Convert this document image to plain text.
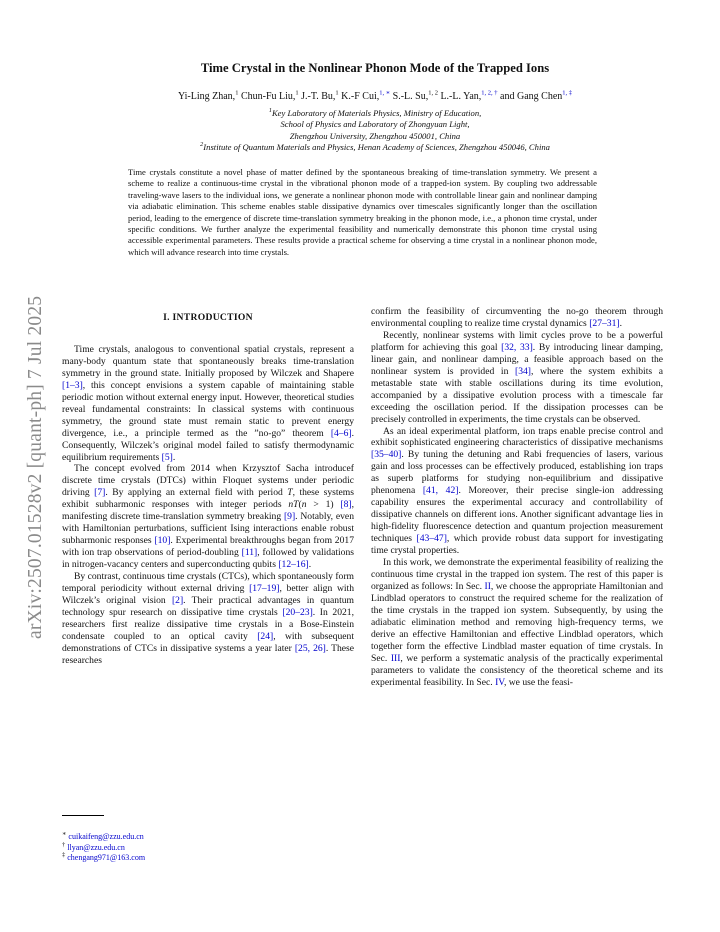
arXiv:2507.01528v2 [quant-ph] 7 Jul 2025
Time Crystal in the Nonlinear Phonon Mode of the Trapped Ions
Yi-Ling Zhan,$^1$ Chun-Fu Liu,$^1$ J.-T. Bu,$^1$ K.-F Cui,$^{1, ∗}$ S.-L. Su,$^{1, 2}$ L.-L. Yan,$^{1, 2, \dagger}$ and Gang Chen$^{1, \ddagger}$
$^1$Key Laboratory of Materials Physics, Ministry of Education,
School of Physics and Laboratory of Zhongyuan Light,
Zhengzhou University, Zhengzhou 450001, China
$^2$Institute of Quantum Materials and Physics, Henan Academy of Sciences, Zhengzhou 450046, China
Time crystals constitute a novel phase of matter defined by the spontaneous breaking of time-translation symmetry. We present a scheme to realize a continuous-time crystal in the vibrational phonon mode of a trapped-ion system. By coupling two addressable traveling-wave lasers to the individual ions, we generate a nonlinear phonon mode with controllable linear gain and nonlinear damping via adiabatic elimination. This scheme enables stable dissipative dynamics over timescales significantly longer than the oscillation period, leading to the emergence of discrete time-translation symmetry breaking in the phonon mode, i.e., a phonon time crystal, under specific conditions. We further analyze the experimental feasibility and numerically demonstrate this phonon time crystal using accessible experimental parameters. These results provide a practical scheme for observing a time crystal in a nonlinear phonon mode, which will advance research into time crystals.
I. INTRODUCTION

Time crystals, analogous to conventional spatial crystals, represent a many-body quantum state that spontaneously breaks time-translation symmetry in the ground state. Initially proposed by Wilczek and Shapere [1–3], this concept envisions a system capable of maintaining stable periodic motion without external energy input. However, theoretical studies reveal fundamental constraints: In classical systems with continuous symmetry, the ground state must remain static to prevent energy divergence, i.e., a principle termed as the ”no-go” theorem [4–6]. Consequently, Wilczek’s original model failed to satisfy thermodynamic equilibrium requirements [5].

The concept evolved from 2014 when Krzysztof Sacha introducef discrete time crystals (DTCs) within Floquet systems under periodic driving [7]. By applying an external field with period T, these systems exhibit subharmonic responses with integer periods nT(n > 1) [8], manifesting discrete time-translation symmetry breaking [9]. Notably, even with Hamiltonian perturbations, sufficient Ising interactions enable robust subharmonic responses [10]. Experimental breakthroughs began from 2017 with ion trap observations of period-doubling [11], followed by validations in nitrogen-vacancy centers and superconducting qubits [12–16].

By contrast, continuous time crystals (CTCs), which spontaneously form temporal periodicity without external driving [17–19], better align with Wilczek’s original vision [2]. Their practical advantages in quantum technology spur research on dissipative time crystals [20–23]. In 2021, researchers first realize dissipative time crystals in a Bose-Einstein condensate coupled to an optical cavity [24], with subsequent demonstrations of CTCs in dissipative systems a year later [25, 26]. These researches

confirm the feasibility of circumventing the no-go theorem through environmental coupling to realize time crystal dynamics [27–31].

Recently, nonlinear systems with limit cycles prove to be a powerful platform for achieving this goal [32, 33]. By introducing linear damping, linear gain, and nonlinear damping, a feasible approach based on the nonlinear system is provided in [34], where the system exhibits a metastable state with stable oscillations during its time evolution, accompanied by a dissipative evolution process with a timescale far exceeding the oscillation period. If the dissipation processes can be precisely controlled in experiments, the time crystals can be observed.

As an ideal experimental platform, ion traps enable precise control and exhibit sophisticated engineering characteristics of dissipative mechanisms [35–40]. By tuning the detuning and Rabi frequencies of lasers, various gain and loss processes can be effectively produced, establishing ion traps as superb platforms for studying non-equilibrium and dissipative phenomena [41, 42]. Moreover, their precise single-ion addressing capability ensures the experimental accuracy and controllability of dissipative channels on different ions. Another significant advantage lies in high-fidelity fluorescence detection and quantum projection measurement techniques [43–47], which provide robust data support for investigating time crystal properties.

In this work, we demonstrate the experimental feasibility of realizing the continuous time crystal in the trapped ion system. The rest of this paper is organized as follows: In Sec. II, we choose the appropriate Hamiltonian and Lindblad operators to construct the required scheme for the realization of the time crystals in the trapped ion system. Subsequently, by using the adiabatic elimination method and removing high-frequency terms, we derive an effective Hamiltonian and effective Lindblad operators, which together form the effective Lindblad master equation of time crystals. In Sec. III, we perform a systematic analysis of the practically experimental parameters to validate the consistency of the theoretical scheme and its experimental feasibility. In Sec. IV, we use the feasi-

∗ cuikaifeng@zzu.edu.cn
† llyan@zzu.edu.cn
‡ chengang971@163.com
